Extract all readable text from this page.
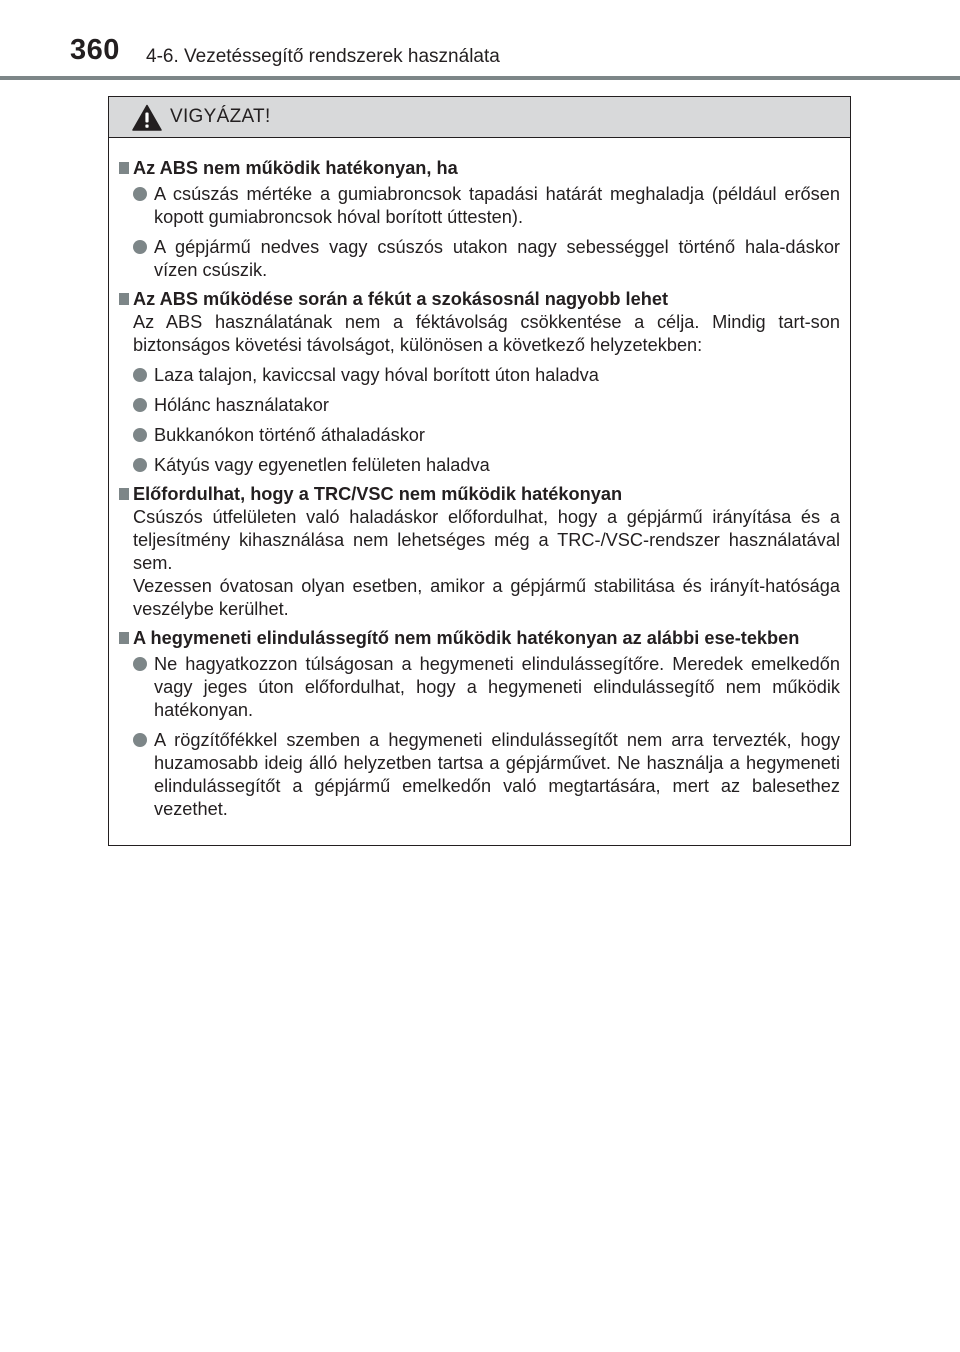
360 4-6. Vezetéssegítő rendszerek használata
VIGYÁZAT!
Az ABS nem működik hatékonyan, ha
A csúszás mértéke a gumiabroncsok tapadási határát meghaladja (például erősen kopott gumiabroncsok hóval borított úttesten).
A gépjármű nedves vagy csúszós utakon nagy sebességgel történő hala-dáskor vízen csúszik.
Az ABS működése során a fékút a szokásosnál nagyobb lehet
Az ABS használatának nem a féktávolság csökkentése a célja. Mindig tart-son biztonságos követési távolságot, különösen a következő helyzetekben:
Laza talajon, kaviccsal vagy hóval borított úton haladva
Hólánc használatakor
Bukkanókon történő áthaladáskor
Kátyús vagy egyenetlen felületen haladva
Előfordulhat, hogy a TRC/VSC nem működik hatékonyan
Csúszós útfelületen való haladáskor előfordulhat, hogy a gépjármű irányítása és a teljesítmény kihasználása nem lehetséges még a TRC-/VSC-rendszer használatával sem.
Vezessen óvatosan olyan esetben, amikor a gépjármű stabilitása és irányít-hatósága veszélybe kerülhet.
A hegymeneti elindulássegítő nem működik hatékonyan az alábbi ese-tekben
Ne hagyatkozzon túlságosan a hegymeneti elindulássegítőre. Meredek emelkedőn vagy jeges úton előfordulhat, hogy a hegymeneti elindulássegítő nem működik hatékonyan.
A rögzítőfékkel szemben a hegymeneti elindulássegítőt nem arra tervezték, hogy huzamosabb ideig álló helyzetben tartsa a gépjárművet. Ne használja a hegymeneti elindulássegítőt a gépjármű emelkedőn való megtartására, mert az balesethez vezethet.
